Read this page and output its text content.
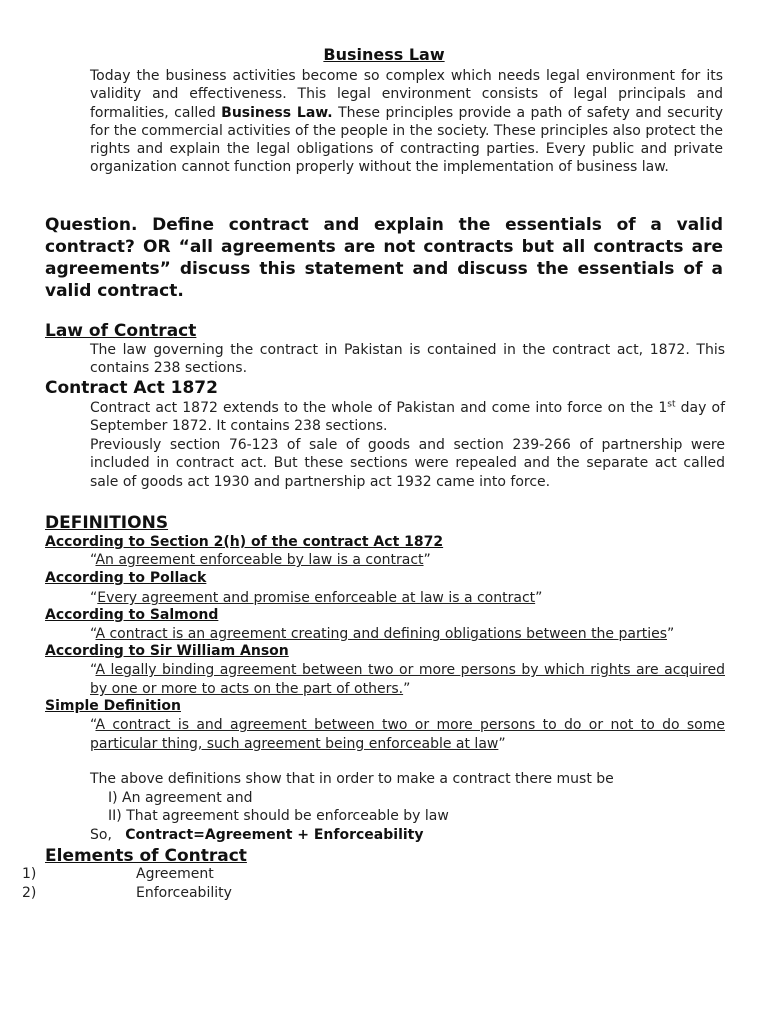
Business Law
Today the business activities become so complex which needs legal environment for its validity and effectiveness. This legal environment consists of legal principals and formalities, called Business Law. These principles provide a path of safety and security for the commercial activities of the people in the society. These principles also protect the rights and explain the legal obligations of contracting parties. Every public and private organization cannot function properly without the implementation of business law.
Question. Define contract and explain the essentials of a valid contract? OR “all agreements are not contracts but all contracts are agreements” discuss this statement and discuss the essentials of a valid contract.
Law of Contract
The law governing the contract in Pakistan is contained in the contract act, 1872. This contains 238 sections.
Contract Act 1872
Contract act 1872 extends to the whole of Pakistan and come into force on the 1st day of September 1872. It contains 238 sections.
Previously section 76-123 of sale of goods and section 239-266 of partnership were included in contract act. But these sections were repealed and the separate act called sale of goods act 1930 and partnership act 1932 came into force.
DEFINITIONS
According to Section 2(h) of the contract Act 1872
“An agreement enforceable by law is a contract”
According to Pollack
“Every agreement and promise enforceable at law is a contract”
According to Salmond
“A contract is an agreement creating and defining obligations between the parties”
According to Sir William Anson
“A legally binding agreement between two or more persons by which rights are acquired by one or more to acts on the part of others.”
Simple Definition
“A contract is and agreement between two or more persons to do or not to do some particular thing, such agreement being enforceable at law”
The above definitions show that in order to make a contract there must be
I) An agreement and
II) That agreement should be enforceable by law
So, Contract=Agreement + Enforceability
Elements of Contract
1)	Agreement
2)	Enforceability
